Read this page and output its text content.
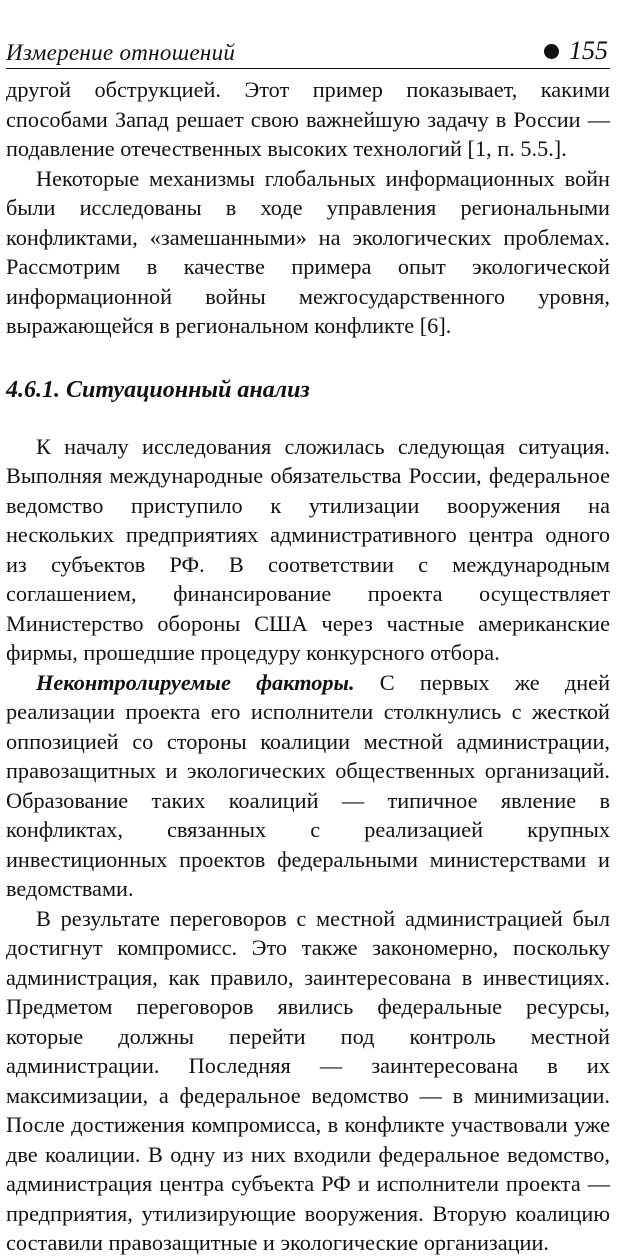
Измерение отношений	155

другой обструкцией. Этот пример показывает, какими способами Запад решает свою важнейшую задачу в России — подавление отечественных высоких технологий [1, п. 5.5.].

Некоторые механизмы глобальных информационных войн были исследованы в ходе управления региональными конфликтами, «замешанными» на экологических проблемах. Рассмотрим в качестве примера опыт экологической информационной войны межгосударственного уровня, выражающейся в региональном конфликте [6].

4.6.1. Ситуационный анализ

К началу исследования сложилась следующая ситуация. Выполняя международные обязательства России, федеральное ведомство приступило к утилизации вооружения на нескольких предприятиях административного центра одного из субъектов РФ. В соответствии с международным соглашением, финансирование проекта осуществляет Министерство обороны США через частные американские фирмы, прошедшие процедуру конкурсного отбора.

Неконтролируемые факторы. С первых же дней реализации проекта его исполнители столкнулись с жесткой оппозицией со стороны коалиции местной администрации, правозащитных и экологических общественных организаций. Образование таких коалиций — типичное явление в конфликтах, связанных с реализацией крупных инвестиционных проектов федеральными министерствами и ведомствами.

В результате переговоров с местной администрацией был достигнут компромисс. Это также закономерно, поскольку администрация, как правило, заинтересована в инвестициях. Предметом переговоров явились федеральные ресурсы, которые должны перейти под контроль местной администрации. Последняя — заинтересована в их максимизации, а федеральное ведомство — в минимизации. После достижения компромисса, в конфликте участвовали уже две коалиции. В одну из них входили федеральное ведомство, администрация центра субъекта РФ и исполнители проекта — предприятия, утилизирующие вооружения. Вторую коалицию составили правозащитные и экологические организации.
